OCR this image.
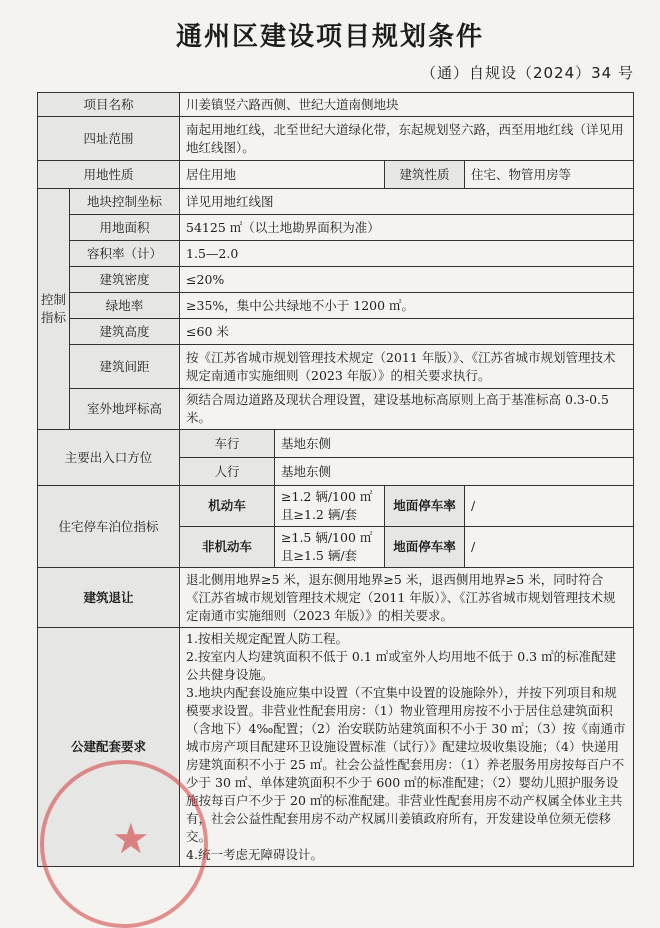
通州区建设项目规划条件
（通）自规设（2024）34 号
项目名称		川姜镇竖六路西侧、世纪大道南侧地块			
四址范围		南起用地红线，北至世纪大道绿化带，东起规划竖六路，西至用地红线（详见用地红线图）。			
用地性质		居住用地		建筑性质	住宅、物管用房等
控制指标	地块控制坐标	详见用地红线图			
	用地面积	54125 ㎡（以土地勘界面积为准）			
	容积率（计）	1.5—2.0			
	建筑密度	≤20%			
	绿地率	≥35%，集中公共绿地不小于 1200 ㎡。			
	建筑高度	≤60 米			
	建筑间距	按《江苏省城市规划管理技术规定（2011 年版）》、《江苏省城市规划管理技术规定南通市实施细则（2023 年版）》的相关要求执行。			
	室外地坪标高	须结合周边道路及现状合理设置，建设基地标高原则上高于基准标高 0.3-0.5 米。			
主要出入口方位		车行	基地东侧		
		人行	基地东侧		
住宅停车泊位指标		机动车	≥1.2 辆/100 ㎡且≥1.2 辆/套	地面停车率	/
		非机动车	≥1.5 辆/100 ㎡且≥1.5 辆/套	地面停车率	/
建筑退让		退北侧用地界≥5 米，退东侧用地界≥5 米，退西侧用地界≥5 米，同时符合《江苏省城市规划管理技术规定（2011 年版）》、《江苏省城市规划管理技术规定南通市实施细则（2023 年版）》的相关要求。			
公建配套要求		1.按相关规定配置人防工程。
2.按室内人均建筑面积不低于 0.1 ㎡或室外人均用地不低于 0.3 ㎡的标准配建公共健身设施。
3.地块内配套设施应集中设置（不宜集中设置的设施除外），并按下列项目和规模要求设置。非营业性配套用房：（1）物业管理用房按不小于居住总建筑面积（含地下）4‰配置；（2）治安联防站建筑面积不小于 30 ㎡；（3）按《南通市城市房产项目配建环卫设施设置标准（试行）》配建垃圾收集设施；（4）快递用房建筑面积不小于 25 ㎡。社会公益性配套用房：（1）养老服务用房按每百户不少于 30 ㎡、单体建筑面积不少于 600 ㎡的标准配建；（2）婴幼儿照护服务设施按每百户不少于 20 ㎡的标准配建。非营业性配套用房不动产权属全体业主共有，社会公益性配套用房不动产权属川姜镇政府所有，开发建设单位须无偿移交。
4.统一考虑无障碍设计。			
★
